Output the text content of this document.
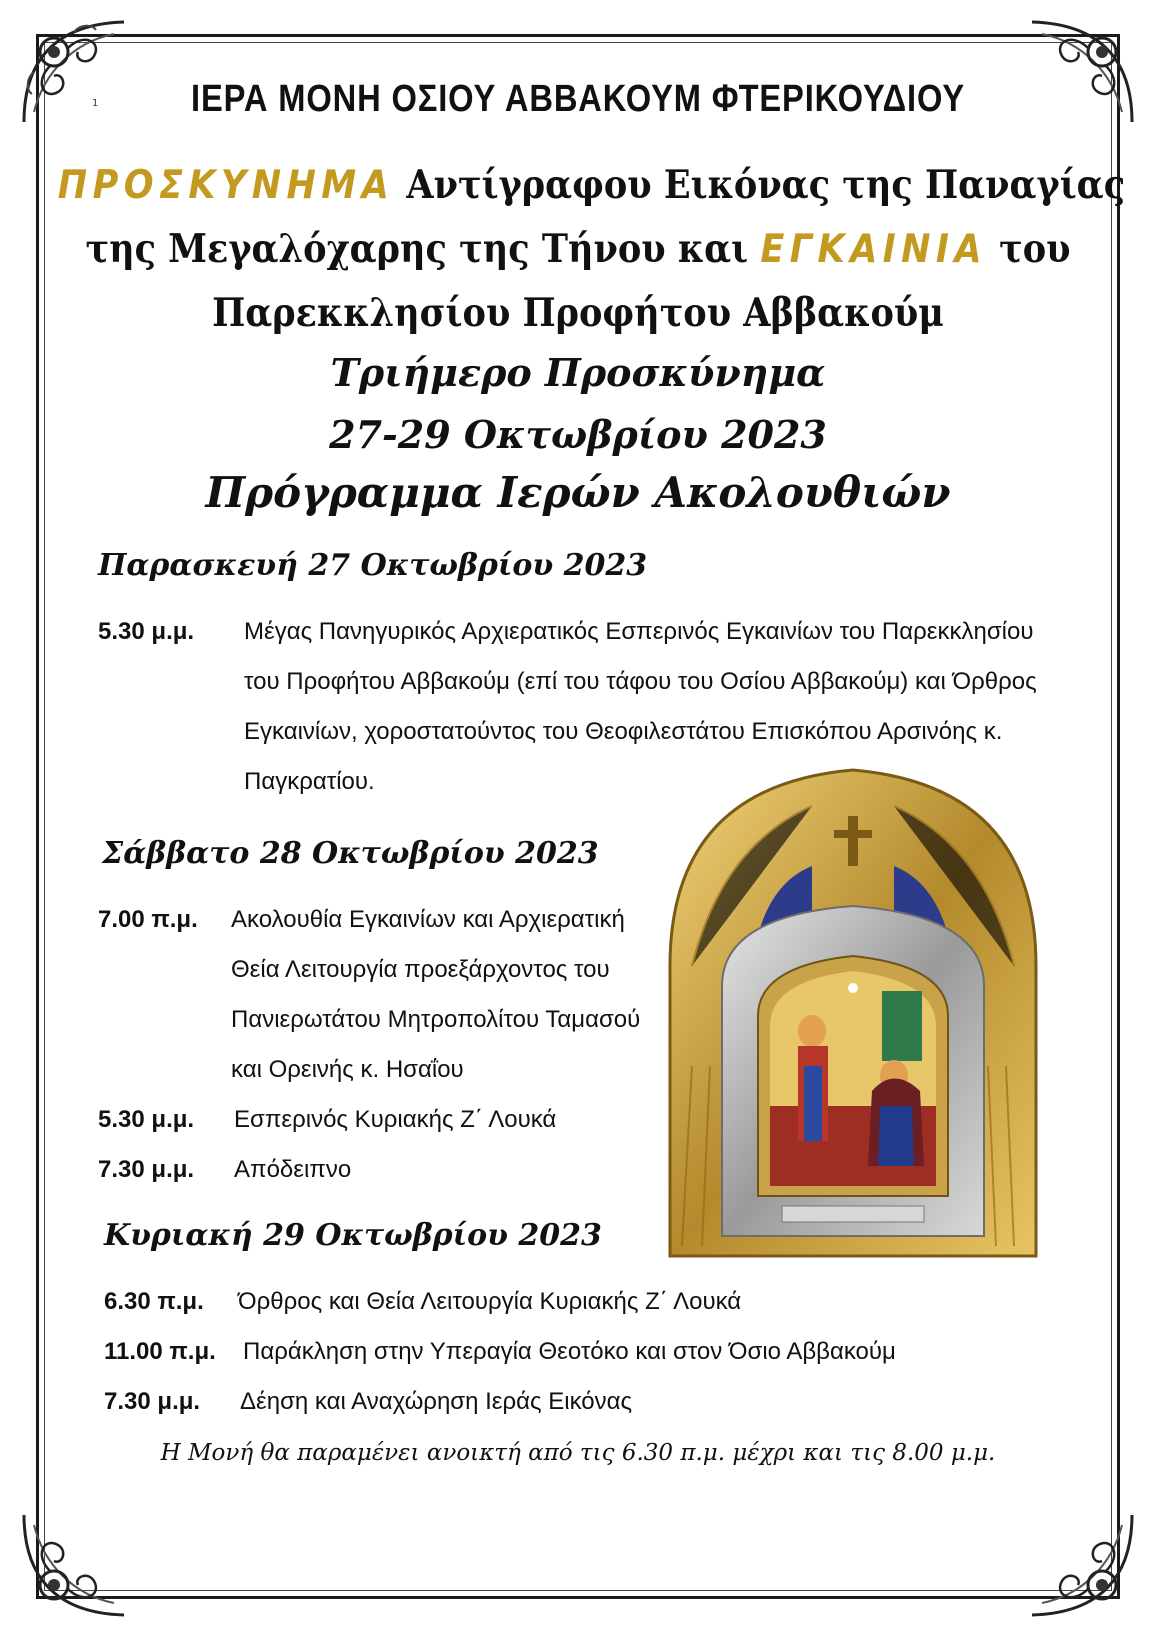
1	ΙΕΡΑ ΜΟΝΗ ΟΣΙΟΥ ΑΒΒΑΚΟΥΜ ΦΤΕΡΙΚΟΥΔΙΟΥ
ΠΡΟΣΚΥΝΗΜΑ Αντίγραφου Εικόνας της Παναγίας
της Μεγαλόχαρης της Τήνου και ΕΓΚΑΙΝΙΑ του
Παρεκκλησίου Προφήτου Αββακούμ
Τριήμερο Προσκύνημα
27-29 Οκτωβρίου 2023
Πρόγραμμα Ιερών Ακολουθιών
Παρασκευή 27 Οκτωβρίου 2023
5.30 μ.μ. Μέγας Πανηγυρικός Αρχιερατικός Εσπερινός Εγκαινίων του Παρεκκλησίου
του Προφήτου Αββακούμ (επί του τάφου του Οσίου Αββακούμ) και Όρθρος
Εγκαινίων, χοροστατούντος του Θεοφιλεστάτου Επισκόπου Αρσινόης κ.
Παγκρατίου.
Σάββατο 28 Οκτωβρίου 2023
7.00 π.μ. Ακολουθία Εγκαινίων και Αρχιερατική
Θεία Λειτουργία προεξάρχοντος του
Πανιερωτάτου Μητροπολίτου Ταμασού
και Ορεινής κ. Ησαΐου
5.30 μ.μ. Εσπερινός Κυριακής Ζ΄ Λουκά
7.30 μ.μ. Απόδειπνο
Κυριακή 29 Οκτωβρίου 2023
6.30 π.μ. Όρθρος και Θεία Λειτουργία Κυριακής Ζ΄ Λουκά
11.00 π.μ. Παράκληση στην Υπεραγία Θεοτόκο και στον Όσιο Αββακούμ
7.30 μ.μ. Δέηση και Αναχώρηση Ιεράς Εικόνας
Η Μονή θα παραμένει ανοικτή από τις 6.30 π.μ. μέχρι και τις 8.00 μ.μ.
